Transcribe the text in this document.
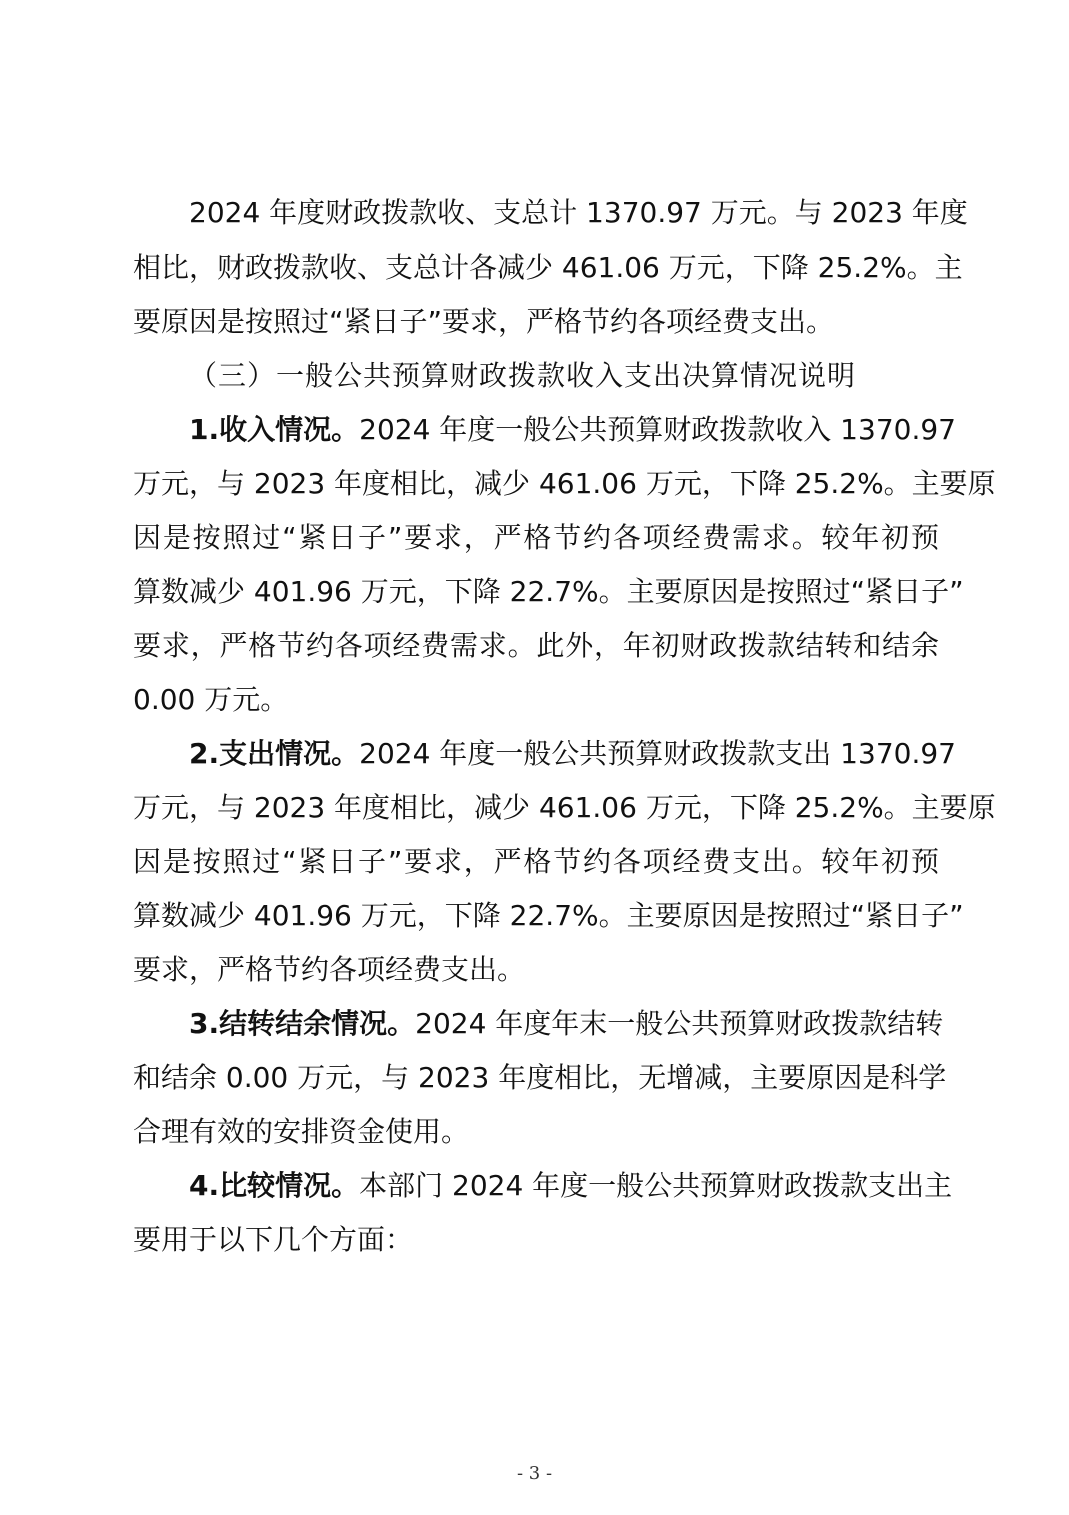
2024 年度财政拨款收、支总计 1370.97 万元。与 2023 年度
相比，财政拨款收、支总计各减少 461.06 万元，下降 25.2%。主
要原因是按照过“紧日子”要求，严格节约各项经费支出。
（三）一般公共预算财政拨款收入支出决算情况说明
1.收入情况。2024 年度一般公共预算财政拨款收入 1370.97
万元，与 2023 年度相比，减少 461.06 万元，下降 25.2%。主要原
因是按照过“紧日子”要求，严格节约各项经费需求。较年初预
算数减少 401.96 万元，下降 22.7%。主要原因是按照过“紧日子”
要求，严格节约各项经费需求。此外，年初财政拨款结转和结余
0.00 万元。
2.支出情况。2024 年度一般公共预算财政拨款支出 1370.97
万元，与 2023 年度相比，减少 461.06 万元，下降 25.2%。主要原
因是按照过“紧日子”要求，严格节约各项经费支出。较年初预
算数减少 401.96 万元，下降 22.7%。主要原因是按照过“紧日子”
要求，严格节约各项经费支出。
3.结转结余情况。2024 年度年末一般公共预算财政拨款结转
和结余 0.00 万元，与 2023 年度相比，无增减，主要原因是科学
合理有效的安排资金使用。
4.比较情况。本部门 2024 年度一般公共预算财政拨款支出主
要用于以下几个方面：
- 3 -
